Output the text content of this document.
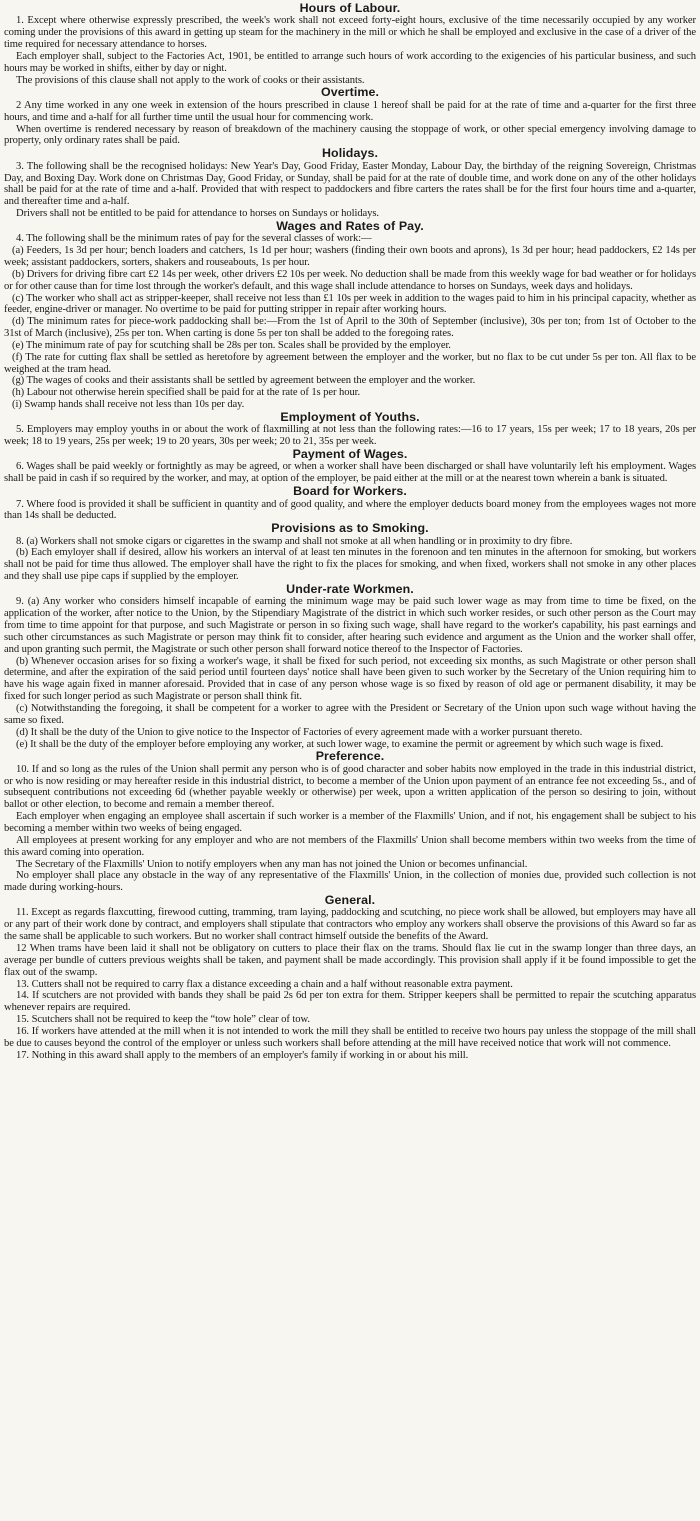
Hours of Labour.

1. Except where otherwise expressly prescribed, the week's work shall not exceed forty-eight hours, exclusive of the time necessarily occupied by any worker coming under the provisions of this award in getting up steam for the machinery in the mill or which he shall be employed and exclusive in the case of a driver of the time required for necessary attendance to horses.

Each employer shall, subject to the Factories Act, 1901, be entitled to arrange such hours of work according to the exigencies of his particular business, and such hours may be worked in shifts, either by day or night.

The provisions of this clause shall not apply to the work of cooks or their assistants.

Overtime.

2 Any time worked in any one week in extension of the hours prescribed in clause 1 hereof shall be paid for at the rate of time and a-quarter for the first three hours, and time and a-half for all further time until the usual hour for commencing work.

When overtime is rendered necessary by reason of breakdown of the machinery causing the stoppage of work, or other special emergency involving damage to property, only ordinary rates shall be paid.

Holidays.

3. The following shall be the recognised holidays: New Year's Day, Good Friday, Easter Monday, Labour Day, the birthday of the reigning Sovereign, Christmas Day, and Boxing Day. Work done on Christmas Day, Good Friday, or Sunday, shall be paid for at the rate of double time, and work done on any of the other holidays shall be paid for at the rate of time and a-half. Provided that with respect to paddockers and fibre carters the rates shall be for the first four hours time and a-quarter, and thereafter time and a-half.

Drivers shall not be entitled to be paid for attendance to horses on Sundays or holidays.

Wages and Rates of Pay.

4. The following shall be the minimum rates of pay for the several classes of work:—

(a) Feeders, 1s 3d per hour; bench loaders and catchers, 1s 1d per hour; washers (finding their own boots and aprons), 1s 3d per hour; head paddockers, £2 14s per week; assistant paddockers, sorters, shakers and rouseabouts, 1s per hour.

(b) Drivers for driving fibre cart £2 14s per week, other drivers £2 10s per week. No deduction shall be made from this weekly wage for bad weather or for holidays or for other cause than for time lost through the worker's default, and this wage shall include attendance to horses on Sundays, week days and holidays.

(c) The worker who shall act as stripper-keeper, shall receive not less than £1 10s per week in addition to the wages paid to him in his principal capacity, whether as feeder, engine-driver or manager. No overtime to be paid for putting stripper in repair after working hours.

(d) The minimum rates for piece-work paddocking shall be:—From the 1st of April to the 30th of September (inclusive), 30s per ton; from 1st of October to the 31st of March (inclusive), 25s per ton. When carting is done 5s per ton shall be added to the foregoing rates.

(e) The minimum rate of pay for scutching shall be 28s per ton. Scales shall be provided by the employer.

(f) The rate for cutting flax shall be settled as heretofore by agreement between the employer and the worker, but no flax to be cut under 5s per ton. All flax to be weighed at the tram head.

(g) The wages of cooks and their assistants shall be settled by agreement between the employer and the worker.

(h) Labour not otherwise herein specified shall be paid for at the rate of 1s per hour.

(i) Swamp hands shall receive not less than 10s per day.

Employment of Youths.

5. Employers may employ youths in or about the work of flaxmilling at not less than the following rates:—16 to 17 years, 15s per week; 17 to 18 years, 20s per week; 18 to 19 years, 25s per week; 19 to 20 years, 30s per week; 20 to 21, 35s per week.

Payment of Wages.

6. Wages shall be paid weekly or fortnightly as may be agreed, or when a worker shall have been discharged or shall have voluntarily left his employment. Wages shall be paid in cash if so required by the worker, and may, at option of the employer, be paid either at the mill or at the nearest town wherein a bank is situated.

Board for Workers.

7. Where food is provided it shall be sufficient in quantity and of good quality, and where the employer deducts board money from the employees wages not more than 14s shall be deducted.

Provisions as to Smoking.

8. (a) Workers shall not smoke cigars or cigarettes in the swamp and shall not smoke at all when handling or in proximity to dry fibre.

(b) Each emyloyer shall if desired, allow his workers an interval of at least ten minutes in the forenoon and ten minutes in the afternoon for smoking, but workers shall not be paid for time thus allowed. The employer shall have the right to fix the places for smoking, and when fixed, workers shall not smoke in any other places and they shall use pipe caps if supplied by the employer.

Under-rate Workmen.

9. (a) Any worker who considers himself incapable of earning the minimum wage may be paid such lower wage as may from time to time be fixed, on the application of the worker, after notice to the Union, by the Stipendiary Magistrate of the district in which such worker resides, or such other person as the Court may from time to time appoint for that purpose, and such Magistrate or person in so fixing such wage, shall have regard to the worker's capability, his past earnings and such other circumstances as such Magistrate or person may think fit to consider, after hearing such evidence and argument as the Union and the worker shall offer, and upon granting such permit, the Magistrate or such other person shall forward notice thereof to the Inspector of Factories.

(b) Whenever occasion arises for so fixing a worker's wage, it shall be fixed for such period, not exceeding six months, as such Magistrate or other person shall determine, and after the expiration of the said period until fourteen days' notice shall have been given to such worker by the Secretary of the Union requiring him to have his wage again fixed in manner aforesaid. Provided that in case of any person whose wage is so fixed by reason of old age or permanent disability, it may be fixed for such longer period as such Magistrate or person shall think fit.

(c) Notwithstanding the foregoing, it shall be competent for a worker to agree with the President or Secretary of the Union upon such wage without having the same so fixed.

(d) It shall be the duty of the Union to give notice to the Inspector of Factories of every agreement made with a worker pursuant thereto.

(e) It shall be the duty of the employer before employing any worker, at such lower wage, to examine the permit or agreement by which such wage is fixed.

Preference.

10. If and so long as the rules of the Union shall permit any person who is of good character and sober habits now employed in the trade in this industrial district, or who is now residing or may hereafter reside in this industrial district, to become a member of the Union upon payment of an entrance fee not exceeding 5s., and of subsequent contributions not exceeding 6d (whether payable weekly or otherwise) per week, upon a written application of the person so desiring to join, without ballot or other election, to become and remain a member thereof.

Each employer when engaging an employee shall ascertain if such worker is a member of the Flaxmills' Union, and if not, his engagement shall be subject to his becoming a member within two weeks of being engaged.

All employees at present working for any employer and who are not members of the Flaxmills' Union shall become members within two weeks from the time of this award coming into operation.

The Secretary of the Flaxmills' Union to notify employers when any man has not joined the Union or becomes unfinancial.

No employer shall place any obstacle in the way of any representative of the Flaxmills' Union, in the collection of monies due, provided such collection is not made during working-hours.

General.

11. Except as regards flaxcutting, firewood cutting, tramming, tram laying, paddocking and scutching, no piece work shall be allowed, but employers may have all or any part of their work done by contract, and employers shall stipulate that contractors who employ any workers shall observe the provisions of this Award so far as the same shall be applicable to such workers. But no worker shall contract himself outside the benefits of the Award.

12 When trams have been laid it shall not be obligatory on cutters to place their flax on the trams. Should flax lie cut in the swamp longer than three days, an average per bundle of cutters previous weights shall be taken, and payment shall be made accordingly. This provision shall apply if it be found impossible to get the flax out of the swamp.

13. Cutters shall not be required to carry flax a distance exceeding a chain and a half without reasonable extra payment.

14. If scutchers are not provided with bands they shall be paid 2s 6d per ton extra for them. Stripper keepers shall be permitted to repair the scutching apparatus whenever repairs are required.

15. Scutchers shall not be required to keep the “tow hole” clear of tow.

16. If workers have attended at the mill when it is not intended to work the mill they shall be entitled to receive two hours pay unless the stoppage of the mill shall be due to causes beyond the control of the employer or unless such workers shall before attending at the mill have received notice that work will not commence.

17. Nothing in this award shall apply to the members of an employer's family if working in or about his mill.
